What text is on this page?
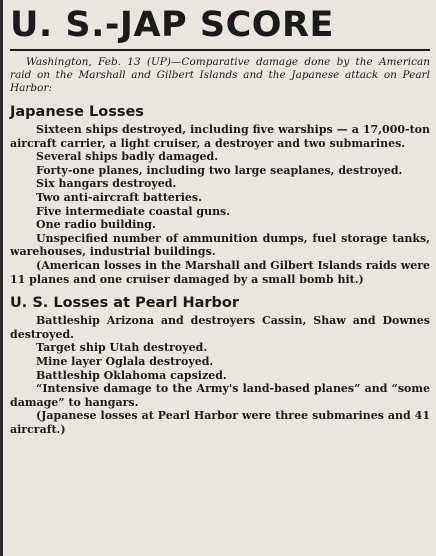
U. S.-JAP SCORE

Washington, Feb. 13 (UP)—Comparative damage done by the American raid on the Marshall and Gilbert Islands and the Japanese attack on Pearl Harbor:

Japanese Losses

Sixteen ships destroyed, including five warships — a 17,000-ton aircraft carrier, a light cruiser, a destroyer and two submarines.

Several ships badly damaged.

Forty-one planes, including two large seaplanes, destroyed.

Six hangars destroyed.

Two anti-aircraft batteries.

Five intermediate coastal guns.

One radio building.

Unspecified number of ammunition dumps, fuel storage tanks, warehouses, industrial buildings.

(American losses in the Marshall and Gilbert Islands raids were 11 planes and one cruiser damaged by a small bomb hit.)

U. S. Losses at Pearl Harbor

Battleship Arizona and destroyers Cassin, Shaw and Downes destroyed.

Target ship Utah destroyed.

Mine layer Oglala destroyed.

Battleship Oklahoma capsized.

“Intensive damage to the Army's land-based planes” and “some damage” to hangars.

(Japanese losses at Pearl Harbor were three submarines and 41 aircraft.)
